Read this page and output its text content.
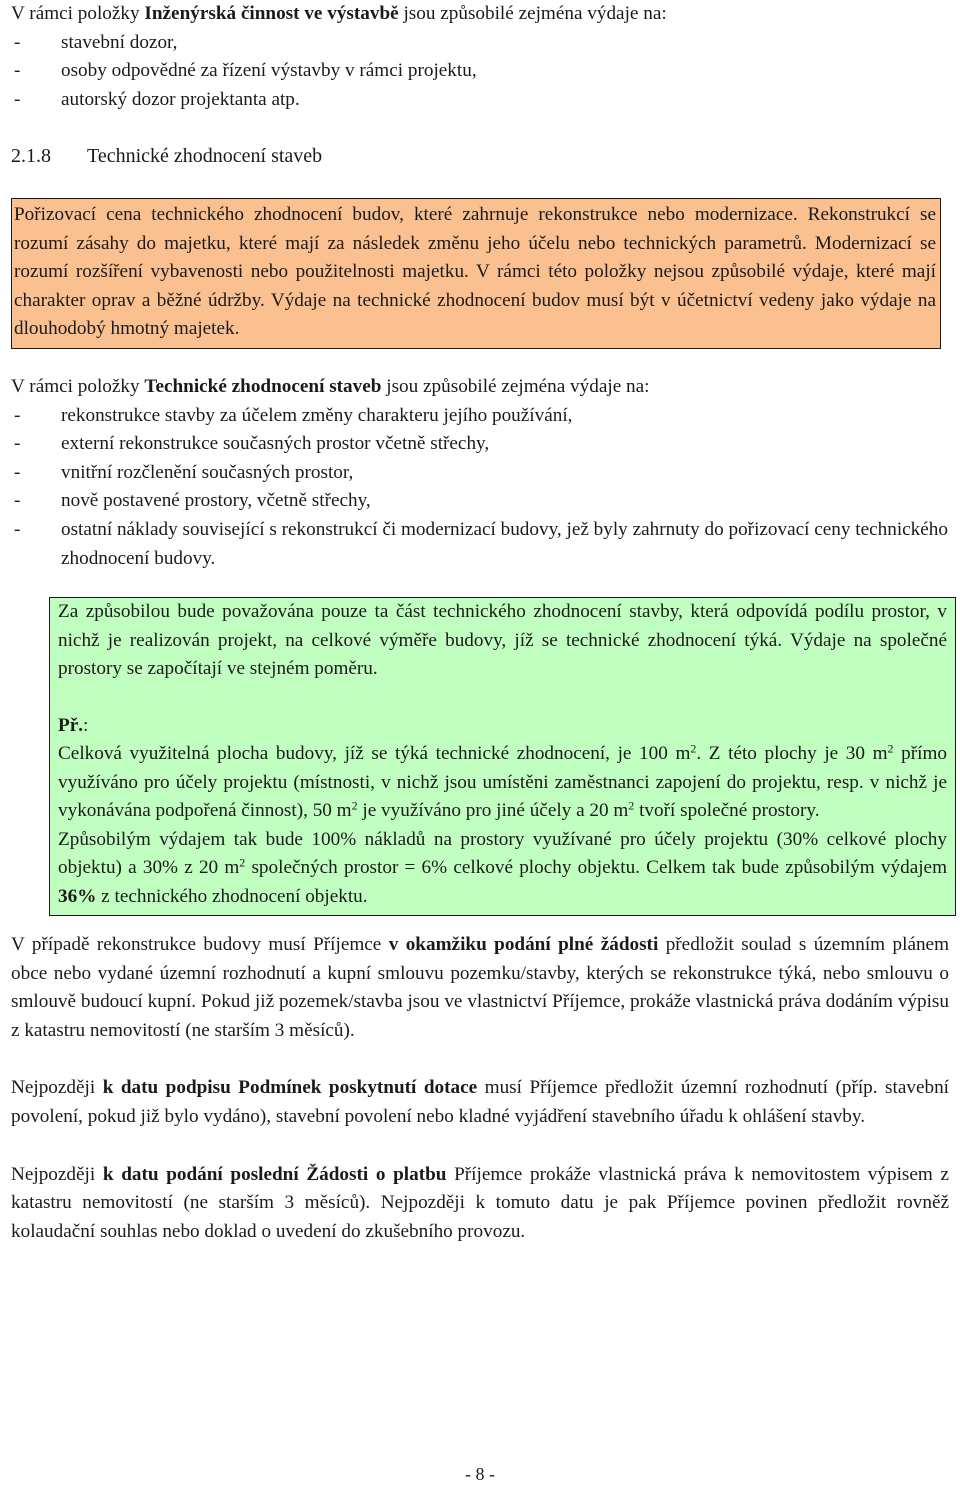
V rámci položky Inženýrská činnost ve výstavbě jsou způsobilé zejména výdaje na:

- stavební dozor,
- osoby odpovědné za řízení výstavby v rámci projektu,
- autorský dozor projektanta atp.

2.1.8 Technické zhodnocení staveb

Pořizovací cena technického zhodnocení budov, které zahrnuje rekonstrukce nebo modernizace. Rekonstrukcí se rozumí zásahy do majetku, které mají za následek změnu jeho účelu nebo technických parametrů. Modernizací se rozumí rozšíření vybavenosti nebo použitelnosti majetku. V rámci této položky nejsou způsobilé výdaje, které mají charakter oprav a běžné údržby. Výdaje na technické zhodnocení budov musí být v účetnictví vedeny jako výdaje na dlouhodobý hmotný majetek.

V rámci položky Technické zhodnocení staveb jsou způsobilé zejména výdaje na:

- rekonstrukce stavby za účelem změny charakteru jejího používání,
- externí rekonstrukce současných prostor včetně střechy,
- vnitřní rozčlenění současných prostor,
- nově postavené prostory, včetně střechy,
- ostatní náklady související s rekonstrukcí či modernizací budovy, jež byly zahrnuty do pořizovací ceny technického zhodnocení budovy.

Za způsobilou bude považována pouze ta část technického zhodnocení stavby, která odpovídá podílu prostor, v nichž je realizován projekt, na celkové výměře budovy, jíž se technické zhodnocení týká. Výdaje na společné prostory se započítají ve stejném poměru.

Př.:

Celková využitelná plocha budovy, jíž se týká technické zhodnocení, je 100 $m^2$. Z této plochy je 30 $m^2$ přímo využíváno pro účely projektu (místnosti, v nichž jsou umístěni zaměstnanci zapojení do projektu, resp. v nichž je vykonávána podpořená činnost), 50 $m^2$ je využíváno pro jiné účely a 20 $m^2$ tvoří společné prostory.

Způsobilým výdajem tak bude 100% nákladů na prostory využívané pro účely projektu (30% celkové plochy objektu) a 30% z 20 $m^2$ společných prostor = 6% celkové plochy objektu. Celkem tak bude způsobilým výdajem 36% z technického zhodnocení objektu.

V případě rekonstrukce budovy musí Příjemce v okamžiku podání plné žádosti předložit soulad s územním plánem obce nebo vydané územní rozhodnutí a kupní smlouvu pozemku/stavby, kterých se rekonstrukce týká, nebo smlouvu o smlouvě budoucí kupní. Pokud již pozemek/stavba jsou ve vlastnictví Příjemce, prokáže vlastnická práva dodáním výpisu z katastru nemovitostí (ne starším 3 měsíců).

Nejpozději k datu podpisu Podmínek poskytnutí dotace musí Příjemce předložit územní rozhodnutí (příp. stavební povolení, pokud již bylo vydáno), stavební povolení nebo kladné vyjádření stavebního úřadu k ohlášení stavby.

Nejpozději k datu podání poslední Žádosti o platbu Příjemce prokáže vlastnická práva k nemovitostem výpisem z katastru nemovitostí (ne starším 3 měsíců). Nejpozději k tomuto datu je pak Příjemce povinen předložit rovněž kolaudační souhlas nebo doklad o uvedení do zkušebního provozu.

- 8 -
